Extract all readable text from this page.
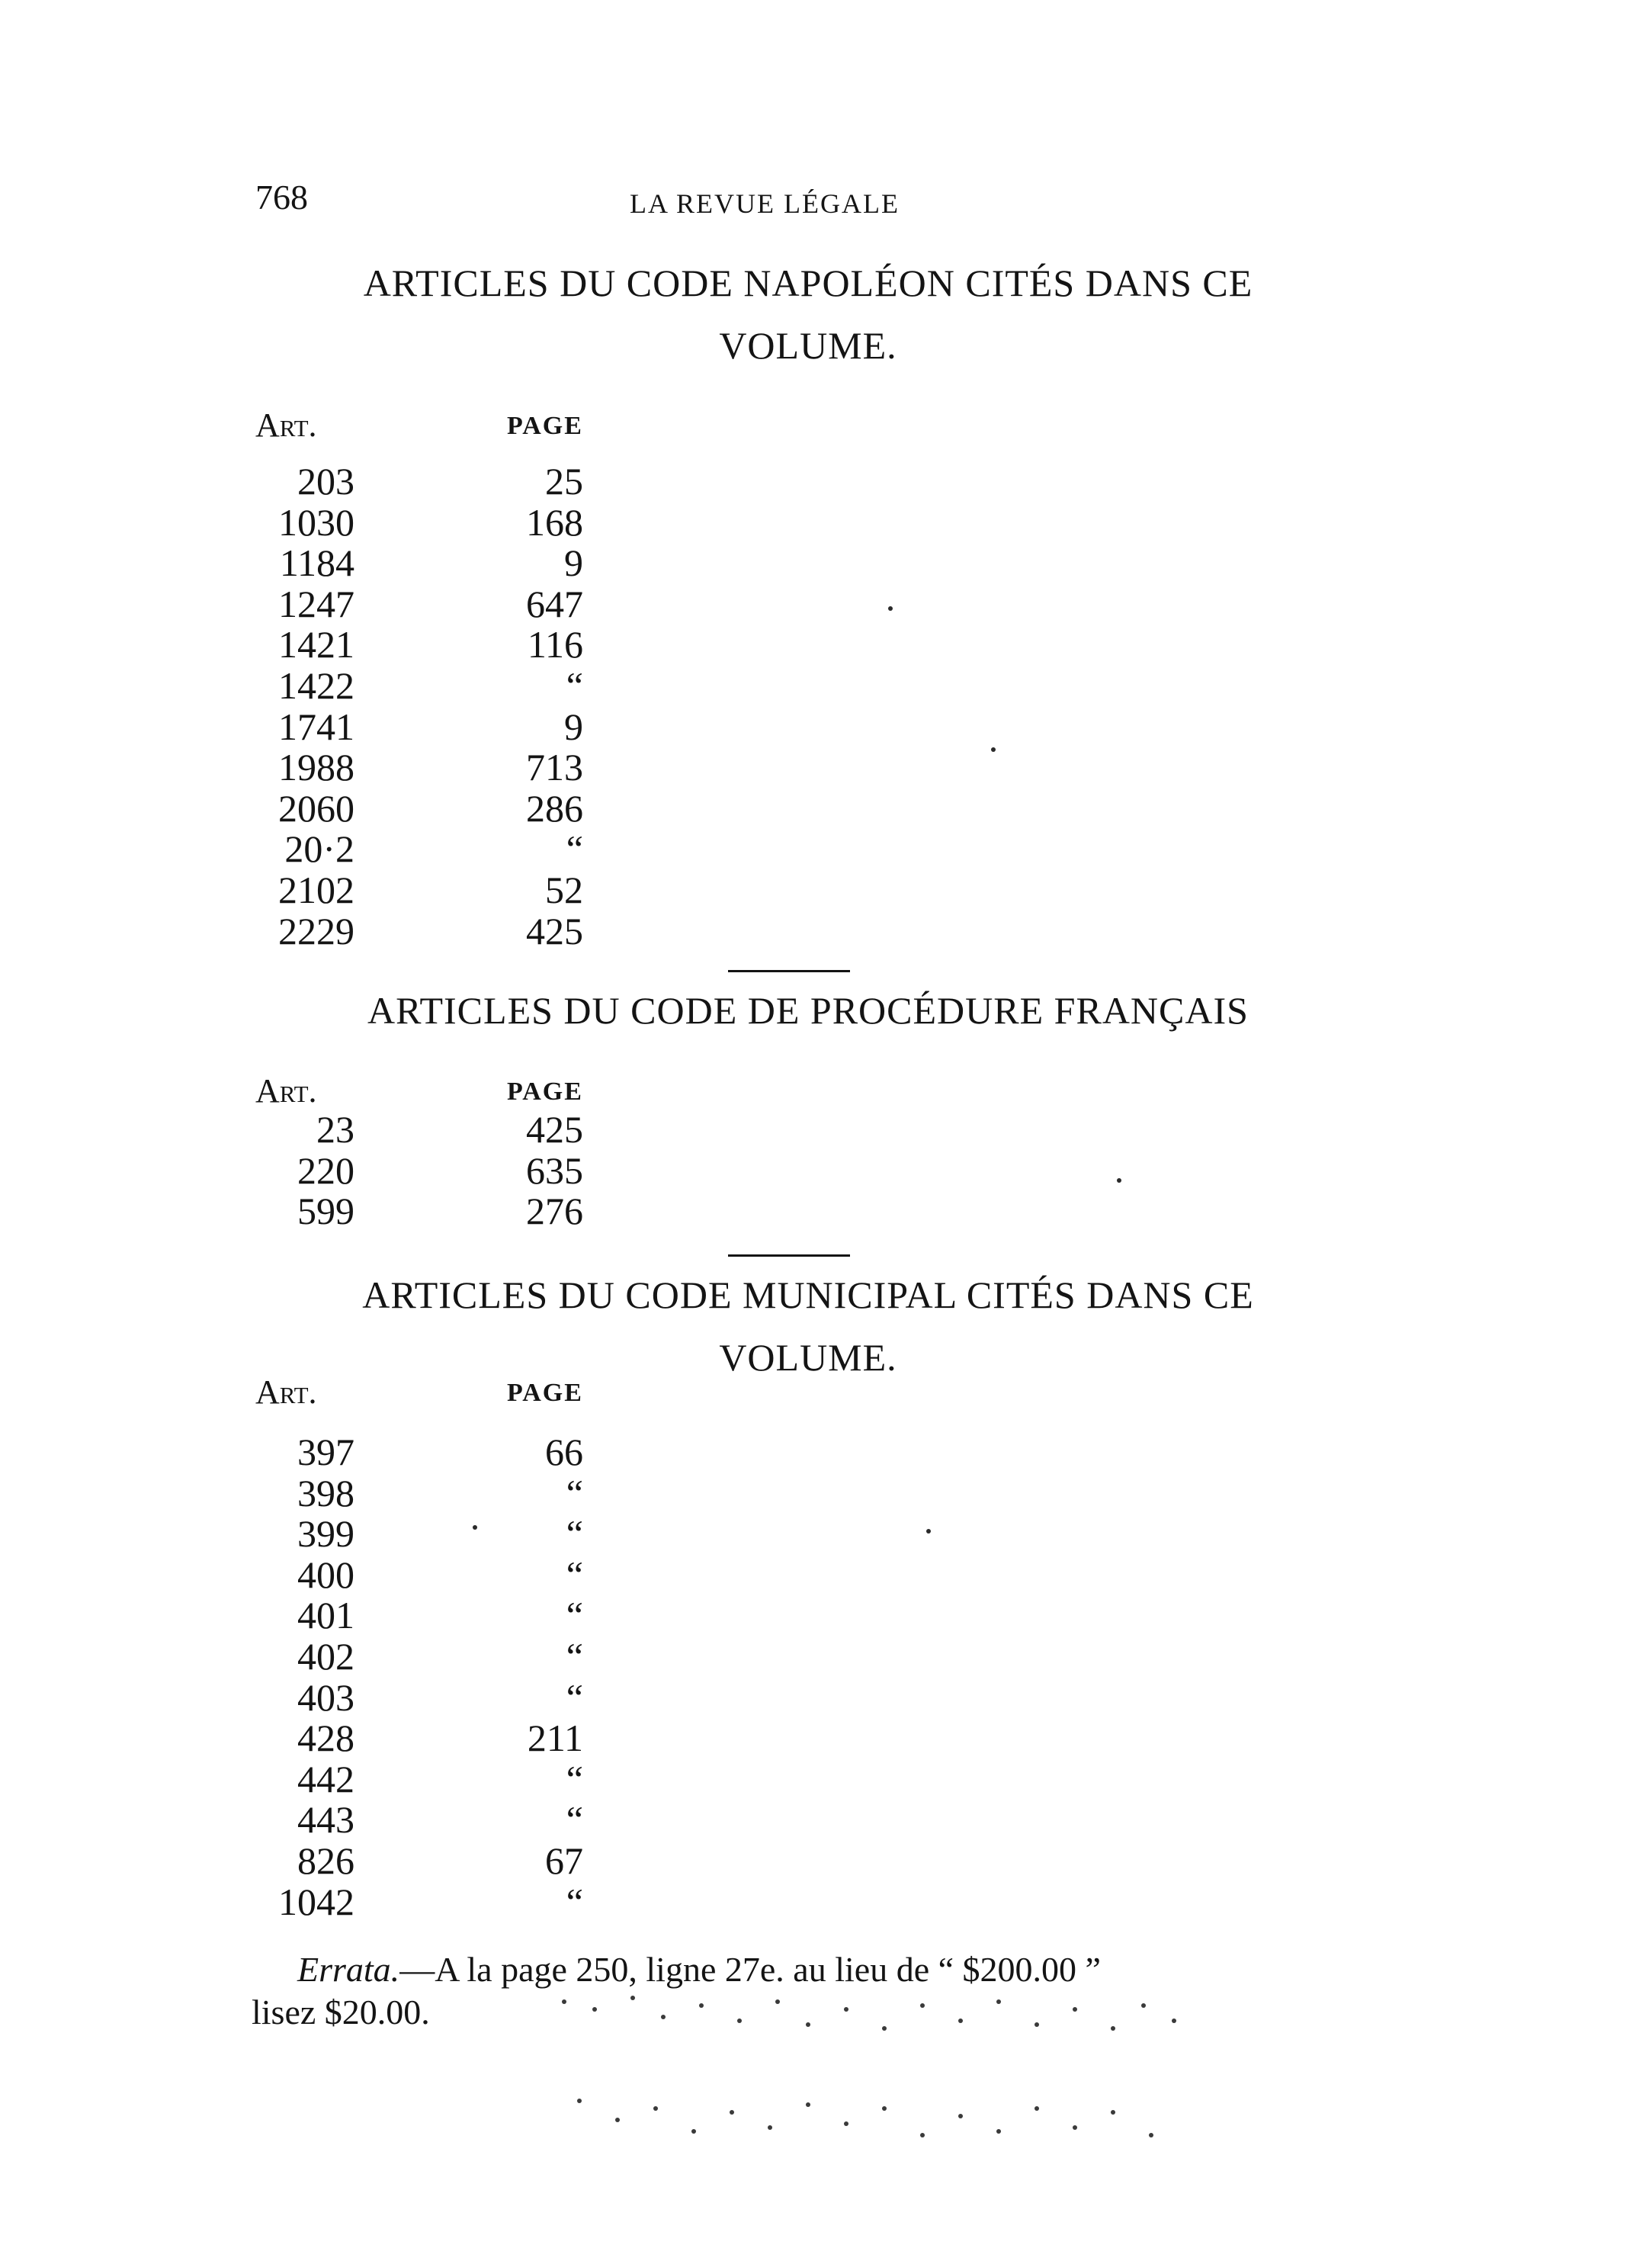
768	LA REVUE LÉGALE
ARTICLES DU CODE NAPOLÉON CITÉS DANS CE
VOLUME.
Art.	PAGE
203	25
1030	168
1184	9
1247	647
1421	116
1422	“
1741	9
1988	713
2060	286
20·2	“
2102	52
2229	425
ARTICLES DU CODE DE PROCÉDURE FRANÇAIS
Art.	PAGE
23	425
220	635
599	276
ARTICLES DU CODE MUNICIPAL CITÉS DANS CE
VOLUME.
Art.	PAGE
397	66
398	“
399	“
400	“
401	“
402	“
403	“
428	211
442	“
443	“
826	67
1042	“
Errata.—A la page 250, ligne 27e. au lieu de “ $200.00 ”
lisez $20.00.
